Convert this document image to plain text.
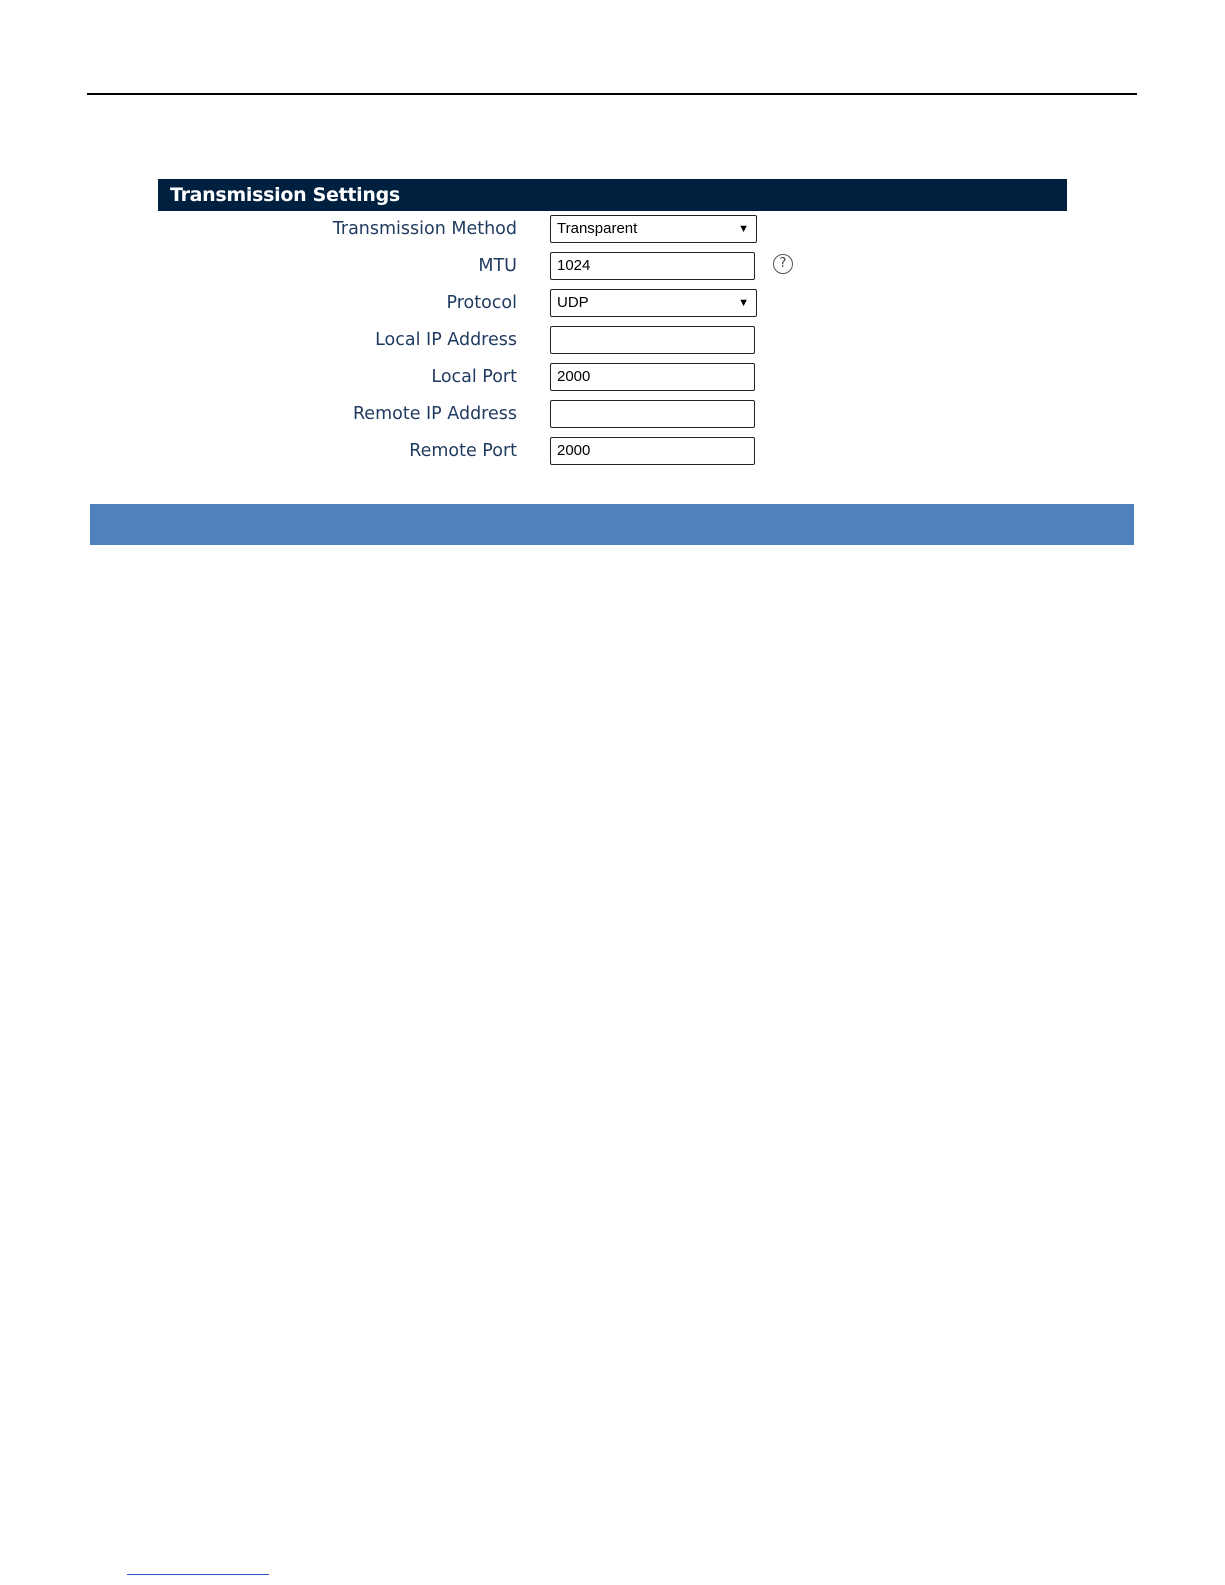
Transmission Settings
Transmission Method	Transparent	▼
MTU	1024	?
Protocol	UDP	▼
Local IP Address
Local Port	2000
Remote IP Address
Remote Port	2000
